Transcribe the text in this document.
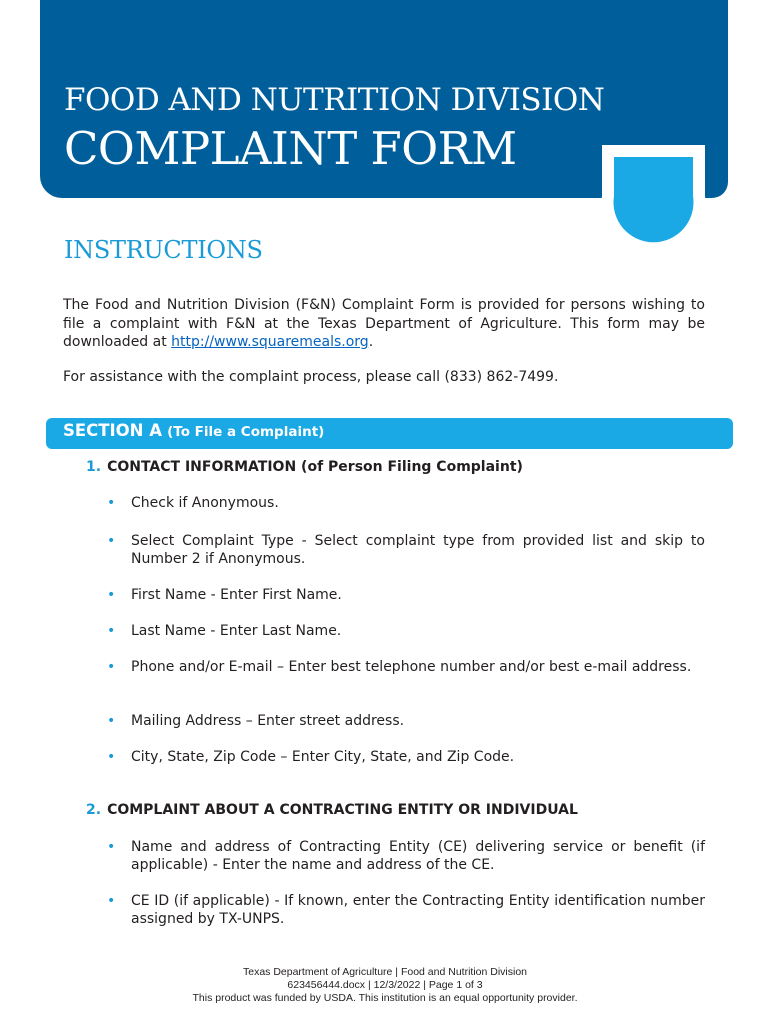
FOOD AND NUTRITION DIVISION
COMPLAINT FORM
INSTRUCTIONS
The Food and Nutrition Division (F&N) Complaint Form is provided for persons wishing to file a complaint with F&N at the Texas Department of Agriculture. This form may be downloaded at http://www.squaremeals.org.
For assistance with the complaint process, please call (833) 862-7499.
SECTION A (To File a Complaint)
1. CONTACT INFORMATION (of Person Filing Complaint)
• Check if Anonymous.
• Select Complaint Type - Select complaint type from provided list and skip to Number 2 if Anonymous.
• First Name - Enter First Name.
• Last Name - Enter Last Name.
• Phone and/or E-mail – Enter best telephone number and/or best e-mail address.
• Mailing Address – Enter street address.
• City, State, Zip Code – Enter City, State, and Zip Code.
2. COMPLAINT ABOUT A CONTRACTING ENTITY OR INDIVIDUAL
• Name and address of Contracting Entity (CE) delivering service or benefit (if applicable) - Enter the name and address of the CE.
• CE ID (if applicable) - If known, enter the Contracting Entity identification number assigned by TX-UNPS.
Texas Department of Agriculture | Food and Nutrition Division
623456444.docx | 12/3/2022 | Page 1 of 3
This product was funded by USDA. This institution is an equal opportunity provider.
